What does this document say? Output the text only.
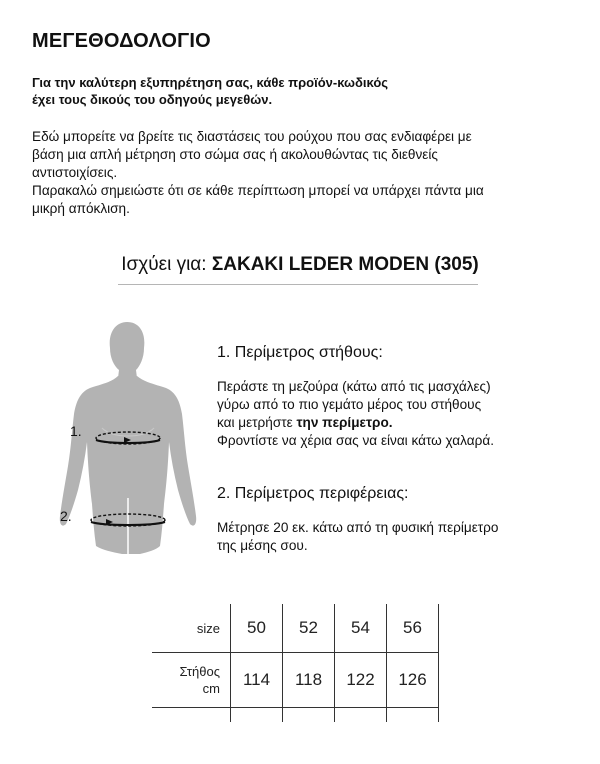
ΜΕΓΕΘΟΔΟΛΟΓΙΟ
Για την καλύτερη εξυπηρέτηση σας, κάθε προϊόν-κωδικός
έχει τους δικούς του οδηγούς μεγεθών.
Εδώ μπορείτε να βρείτε τις διαστάσεις του ρούχου που σας ενδιαφέρει με
βάση μια απλή μέτρηση στο σώμα σας ή ακολουθώντας τις διεθνείς
αντιστοιχίσεις.
Παρακαλώ σημειώστε ότι σε κάθε περίπτωση μπορεί να υπάρχει πάντα μια
μικρή απόκλιση.
Ισχύει για: ΣΑΚΑΚΙ LEDER MODEN (305)
1.
2.
1. Περίμετρος στήθους:
Περάστε τη μεζούρα (κάτω από τις μασχάλες)
γύρω από το πιο γεμάτο μέρος του στήθους
και μετρήστε την περίμετρο.
Φροντίστε να χέρια σας να είναι κάτω χαλαρά.
2. Περίμετρος περιφέρειας:
Μέτρησε 20 εκ. κάτω από τη φυσική περίμετρο
της μέσης σου.
size	50	52	54	56
Στήθος
cm	114	118	122	126
